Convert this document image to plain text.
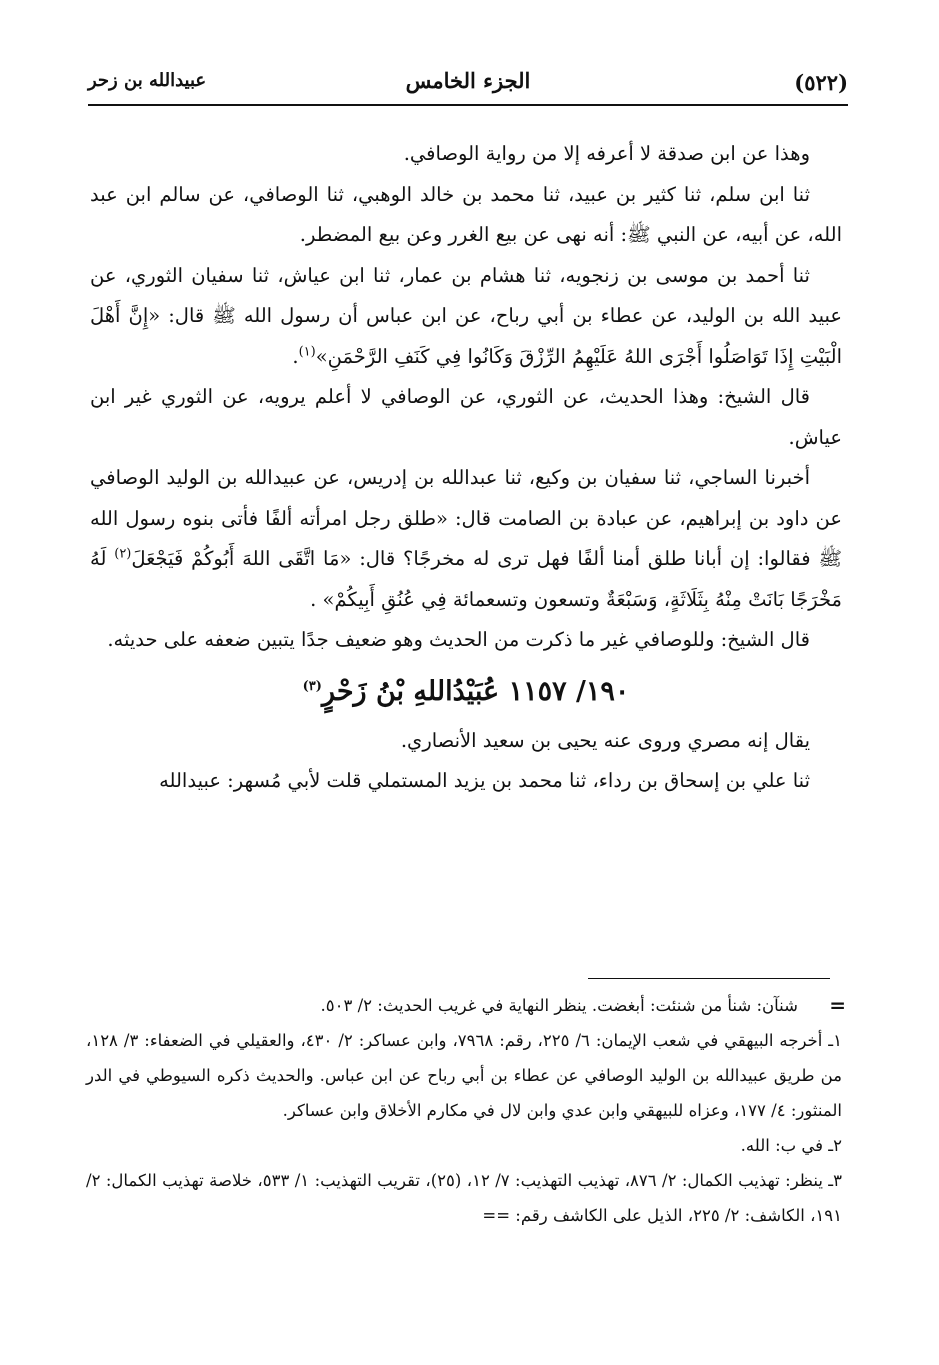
(٥٢٢)
الجزء الخامس
عبيدالله بن زحر

وهذا عن ابن صدقة لا أعرفه إلا من رواية الوصافي.

ثنا ابن سلم، ثنا كثير بن عبيد، ثنا محمد بن خالد الوهبي، ثنا الوصافي، عن سالم ابن عبد الله، عن أبيه، عن النبي ﷺ: أنه نهى عن بيع الغرر وعن بيع المضطر.

ثنا أحمد بن موسى بن زنجويه، ثنا هشام بن عمار، ثنا ابن عياش، ثنا سفيان الثوري، عن عبيد الله بن الوليد، عن عطاء بن أبي رباح، عن ابن عباس أن رسول الله ﷺ قال: «إِنَّ أَهْلَ الْبَيْتِ إِذَا تَوَاصَلُوا أَجْرَى اللهُ عَلَيْهِمُ الرِّزْقَ وَكَانُوا فِي كَنَفِ الرَّحْمَنِ»$^{(١)}$.

قال الشيخ: وهذا الحديث، عن الثوري، عن الوصافي لا أعلم يرويه، عن الثوري غير ابن عياش.

أخبرنا الساجي، ثنا سفيان بن وكيع، ثنا عبدالله بن إدريس، عن عبيدالله بن الوليد الوصافي عن داود بن إبراهيم، عن عبادة بن الصامت قال: «طلق رجل امرأته ألفًا فأتى بنوه رسول الله ﷺ فقالوا: إن أبانا طلق أمنا ألفًا فهل ترى له مخرجًا؟ قال: «مَا اتَّقَى اللهَ أَبُوكُمْ فَيَجْعَلَ$^{(٢)}$ لَهُ مَخْرَجًا بَانَتْ مِنْهُ بِثَلَاثَةٍ، وَسَبْعَةٌ وتسعون وتسعمائة فِي عُنُقِ أَبِيكُمْ» .

قال الشيخ: وللوصافي غير ما ذكرت من الحديث وهو ضعيف جدًا يتبين ضعفه على حديثه.

١٩٠/ ١١٥٧ عُبَيْدُاللهِ بْنُ زَحْرٍ$^{(٣)}$

يقال إنه مصري وروى عنه يحيى بن سعيد الأنصاري.

ثنا علي بن إسحاق بن رداء، ثنا محمد بن يزيد المستملي قلت لأبي مُسهر: عبيدالله

=
شنآن: شنأ من شنئت: أبغضت. ينظر النهاية في غريب الحديث: ٢/ ٥٠٣.

١ـ أخرجه البيهقي في شعب الإيمان: ٦/ ٢٢٥، رقم: ٧٩٦٨، وابن عساكر: ٢/ ٤٣٠، والعقيلي في الضعفاء: ٣/ ١٢٨، من طريق عبيدالله بن الوليد الوصافي عن عطاء بن أبي رباح عن ابن عباس. والحديث ذكره السيوطي في الدر المنثور: ٤/ ١٧٧، وعزاه للبيهقي وابن عدي وابن لال في مكارم الأخلاق وابن عساكر.

٢ـ في ب: الله.

٣ـ ينظر: تهذيب الكمال: ٢/ ٨٧٦، تهذيب التهذيب: ٧/ ١٢، (٢٥)، تقريب التهذيب: ١/ ٥٣٣، خلاصة تهذيب الكمال: ٢/ ١٩١، الكاشف: ٢/ ٢٢٥، الذيل على الكاشف رقم: ==
